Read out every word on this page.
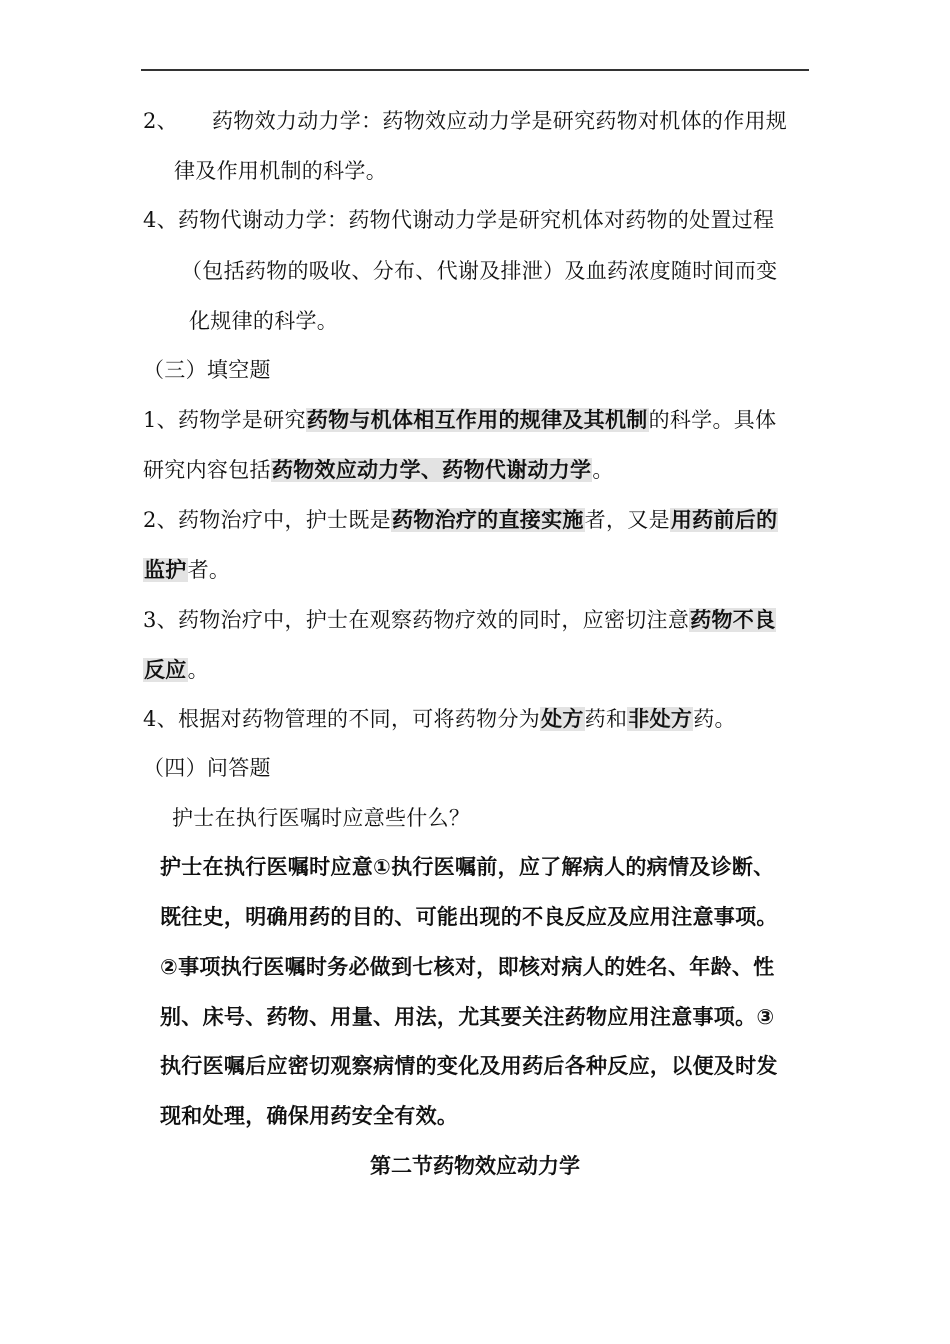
2、 药物效力动力学：药物效应动力学是研究药物对机体的作用规
律及作用机制的科学。
4、药物代谢动力学：药物代谢动力学是研究机体对药物的处置过程
（包括药物的吸收、分布、代谢及排泄）及血药浓度随时间而变
化规律的科学。
（三）填空题
1、药物学是研究药物与机体相互作用的规律及其机制的科学。具体
研究内容包括药物效应动力学、药物代谢动力学。
2、药物治疗中，护士既是药物治疗的直接实施者，又是用药前后的
监护者。
3、药物治疗中，护士在观察药物疗效的同时，应密切注意药物不良
反应。
4、根据对药物管理的不同，可将药物分为处方药和非处方药。
（四）问答题
护士在执行医嘱时应意些什么？
护士在执行医嘱时应意①执行医嘱前，应了解病人的病情及诊断、
既往史，明确用药的目的、可能出现的不良反应及应用注意事项。
②事项执行医嘱时务必做到七核对，即核对病人的姓名、年龄、性
别、床号、药物、用量、用法，尤其要关注药物应用注意事项。③
执行医嘱后应密切观察病情的变化及用药后各种反应，以便及时发
现和处理，确保用药安全有效。
第二节药物效应动力学
